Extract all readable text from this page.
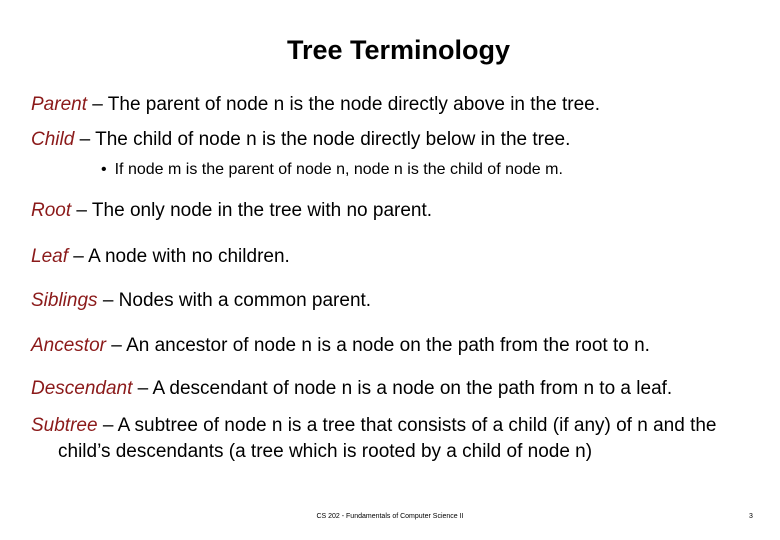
Tree Terminology
Parent – The parent of node n is the node directly above in the tree.
Child – The child of node n is the node directly below in the tree.
• If node m is the parent of node n, node n is the child of node m.
Root – The only node in the tree with no parent.
Leaf – A node with no children.
Siblings – Nodes with a common parent.
Ancestor – An ancestor of node n is a node on the path from the root to n.
Descendant – A descendant of node n is a node on the path from n to a leaf.
Subtree – A subtree of node n is a tree that consists of a child (if any) of n and the
child’s descendants (a tree which is rooted by a child of node n)
CS 202 - Fundamentals of Computer Science II	3
